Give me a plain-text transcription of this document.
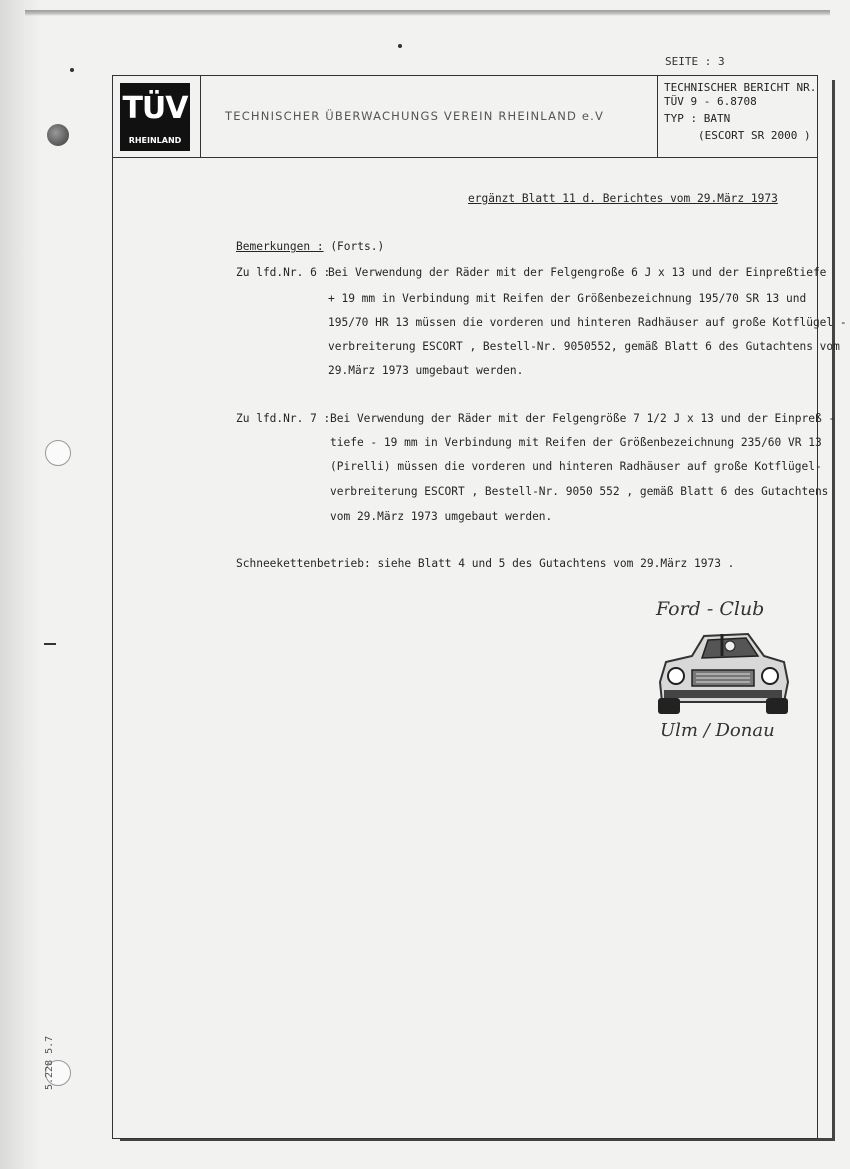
SEITE : 3
TÜV
RHEINLAND
TECHNISCHER ÜBERWACHUNGS VEREIN RHEINLAND e.V
TECHNISCHER BERICHT NR.
TÜV 9 - 6.8708
TYP : BATN
(ESCORT SR 2000 )
ergänzt Blatt 11 d. Berichtes vom 29.März 1973
Bemerkungen : (Forts.)
Zu lfd.Nr. 6 :
Bei Verwendung der Räder mit der Felgengroße 6 J x 13 und der Einpreßtiefe
+ 19 mm in Verbindung mit Reifen der Größenbezeichnung 195/70 SR 13 und
195/70 HR 13 müssen die vorderen und hinteren Radhäuser auf große Kotflügel -
verbreiterung ESCORT , Bestell-Nr. 9050552, gemäß Blatt 6 des Gutachtens vom
29.März 1973 umgebaut werden.
Zu lfd.Nr. 7 : Bei Verwendung der Räder mit der Felgengröße 7 1/2 J x 13 und der Einpreß -
tiefe - 19 mm in Verbindung mit Reifen der Größenbezeichnung 235/60 VR 13
(Pirelli) müssen die vorderen und hinteren Radhäuser auf große Kotflügel-
verbreiterung ESCORT , Bestell-Nr. 9050 552 , gemäß Blatt 6 des Gutachtens
vom 29.März 1973 umgebaut werden.
Schneekettenbetrieb: siehe Blatt 4 und 5 des Gutachtens vom 29.März 1973 .
Ford - Club
Ulm / Donau
5.228 5.7
